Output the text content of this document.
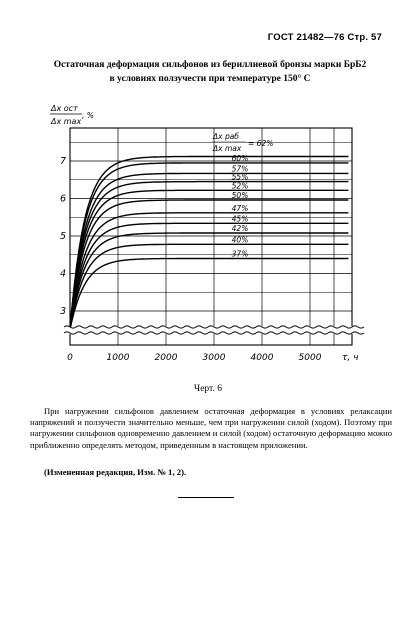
ГОСТ 21482—76 Стр. 57
Остаточная деформация сильфонов из бериллиевой бронзы марки БрБ2 в условиях ползучести при температуре 150° С
0	1000	2000	3000	4000	5000
3
4
5
6
7
τ, ч
Δx ост
Δx max
, %
Δx раб
Δx max
= 62%
60%
57%
55%
52%
50%
47%
45%
42%
40%
37%
Черт. 6
При нагружении сильфонов давлением остаточная деформация в условиях релаксации напряжений и ползучести значительно меньше, чем при нагружении силой (ходом). Поэтому при нагружении сильфонов одновременно давлением и силой (ходом) остаточную деформацию можно приближенно определять методом, приведенным в настоящем приложении.
(Измененная редакция, Изм. № 1, 2).
